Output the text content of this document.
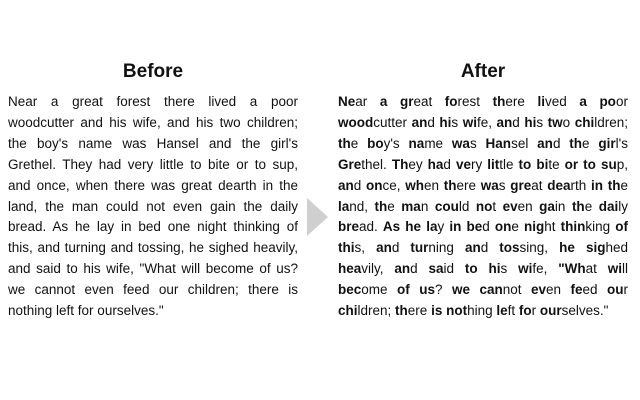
Before

Near a great forest there lived a poor woodcutter and his wife, and his two children; the boy's name was Hansel and the girl's Grethel. They had very little to bite or to sup, and once, when there was great dearth in the land, the man could not even gain the daily bread. As he lay in bed one night thinking of this, and turning and tossing, he sighed heavily, and said to his wife, "What will become of us? we cannot even feed our children; there is nothing left for ourselves."

After

Near a great forest there lived a poor woodcutter and his wife, and his two children; the boy's name was Hansel and the girl's Grethel. They had very little to bite or to sup, and once, when there was great dearth in the land, the man could not even gain the daily bread. As he lay in bed one night thinking of this, and turning and tossing, he sighed heavily, and said to his wife, "What will become of us? we cannot even feed our children; there is nothing left for ourselves."
